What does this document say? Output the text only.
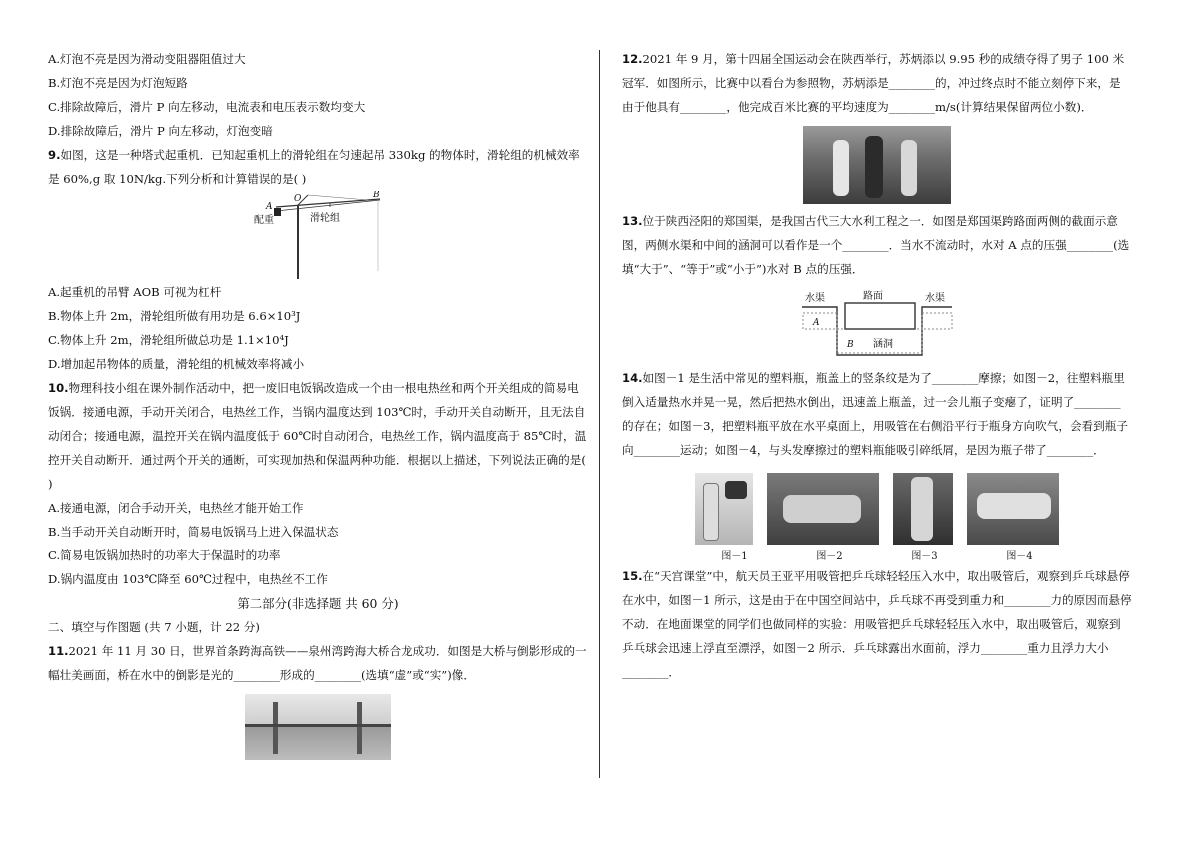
A.灯泡不亮是因为滑动变阻器阻值过大

B.灯泡不亮是因为灯泡短路

C.排除故障后，滑片 P 向左移动，电流表和电压表示数均变大

D.排除故障后，滑片 P 向左移动，灯泡变暗

9.如图，这是一种塔式起重机．已知起重机上的滑轮组在匀速起吊 330kg 的物体时，滑轮组的机械效率是 60%,g 取 10N/kg.下列分析和计算错误的是( )

A
O	B
配重	滑轮组

A.起重机的吊臂 AOB 可视为杠杆

B.物体上升 2m，滑轮组所做有用功是 6.6×10³J

C.物体上升 2m，滑轮组所做总功是 1.1×10⁴J

D.增加起吊物体的质量，滑轮组的机械效率将减小

10.物理科技小组在课外制作活动中，把一废旧电饭锅改造成一个由一根电热丝和两个开关组成的简易电饭锅．接通电源，手动开关闭合，电热丝工作，当锅内温度达到 103℃时，手动开关自动断开，且无法自动闭合；接通电源，温控开关在锅内温度低于 60℃时自动闭合，电热丝工作，锅内温度高于 85℃时，温控开关自动断开．通过两个开关的通断，可实现加热和保温两种功能．根据以上描述，下列说法正确的是( )

A.接通电源，闭合手动开关，电热丝才能开始工作

B.当手动开关自动断开时，简易电饭锅马上进入保温状态

C.简易电饭锅加热时的功率大于保温时的功率

D.锅内温度由 103℃降至 60℃过程中，电热丝不工作

第二部分(非选择题 共 60 分)

二、填空与作图题 (共 7 小题，计 22 分)

11.2021 年 11 月 30 日，世界首条跨海高铁——泉州湾跨海大桥合龙成功．如图是大桥与倒影形成的一幅壮美画面，桥在水中的倒影是光的________形成的________(选填“虚”或“实”)像．

12.2021 年 9 月，第十四届全国运动会在陕西举行，苏炳添以 9.95 秒的成绩夺得了男子 100 米冠军．如图所示，比赛中以看台为参照物，苏炳添是________的，冲过终点时不能立刻停下来，是由于他具有________，他完成百米比赛的平均速度为________m/s(计算结果保留两位小数)．

13.位于陕西泾阳的郑国渠，是我国古代三大水利工程之一．如图是郑国渠跨路面两侧的截面示意图，两侧水渠和中间的涵洞可以看作是一个________．当水不流动时，水对 A 点的压强________(选填“大于”、“等于”或“小于”)水对 B 点的压强．

水渠	路面	水渠
涵洞
A
B

14.如图－1 是生活中常见的塑料瓶，瓶盖上的竖条纹是为了________摩擦；如图－2，往塑料瓶里倒入适量热水并晃一晃，然后把热水倒出，迅速盖上瓶盖，过一会儿瓶子变瘪了，证明了________的存在；如图－3，把塑料瓶平放在水平桌面上，用吸管在右侧沿平行于瓶身方向吹气，会看到瓶子向________运动；如图－4，与头发摩擦过的塑料瓶能吸引碎纸屑，是因为瓶子带了________．

图－1	图－2	图－3	图－4

15.在“天宫课堂”中，航天员王亚平用吸管把乒乓球轻轻压入水中，取出吸管后，观察到乒乓球悬停在水中，如图－1 所示，这是由于在中国空间站中，乒乓球不再受到重力和________力的原因而悬停不动．在地面课堂的同学们也做同样的实验：用吸管把乒乓球轻轻压入水中，取出吸管后，观察到乒乓球会迅速上浮直至漂浮，如图－2 所示．乒乓球露出水面前，浮力________重力且浮力大小________．
